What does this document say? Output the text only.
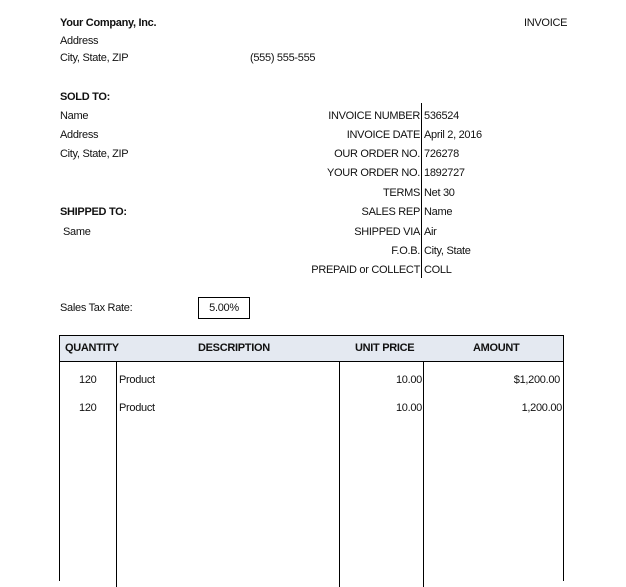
Your Company, Inc.
Address
City, State, ZIP	(555) 555-555
INVOICE
SOLD TO:
Name
Address
City, State, ZIP
SHIPPED TO:
Same
INVOICE NUMBER 536524
INVOICE DATE April 2, 2016
OUR ORDER NO. 726278
YOUR ORDER NO. 1892727
TERMS Net 30
SALES REP Name
SHIPPED VIA Air
F.O.B. City, State
PREPAID or COLLECT COLL
Sales Tax Rate:	5.00%
QUANTITY	DESCRIPTION	UNIT PRICE	AMOUNT
120 Product	10.00	$1,200.00
120 Product	10.00	1,200.00
